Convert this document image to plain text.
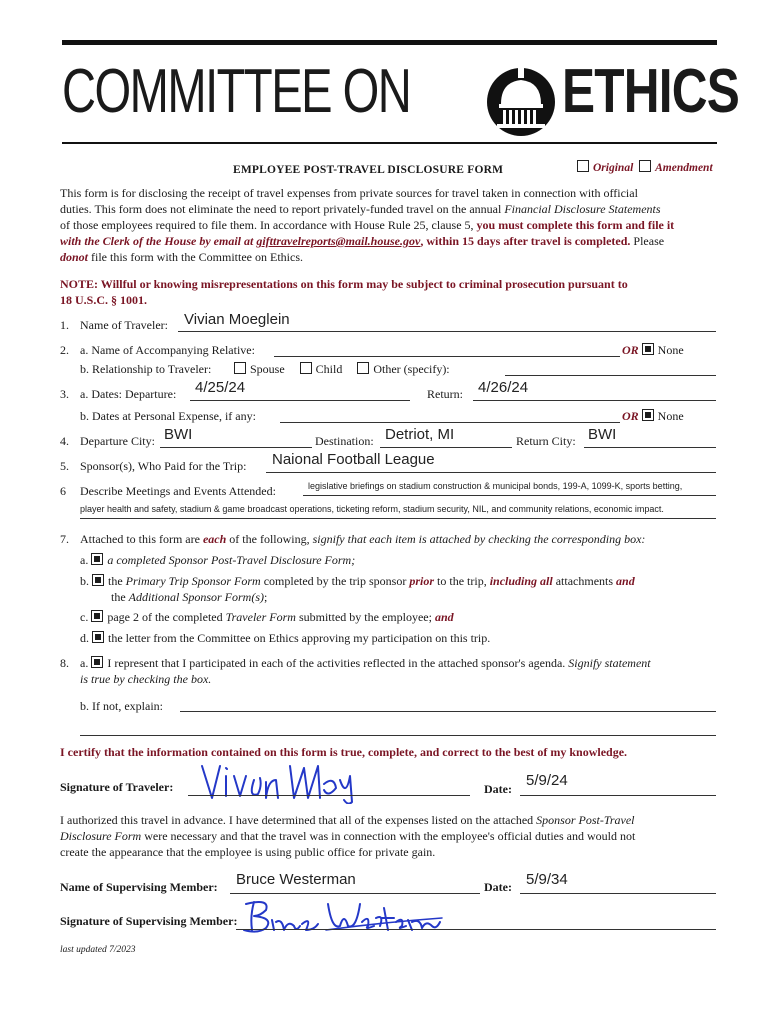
COMMITTEE ON ETHICS
EMPLOYEE POST-TRAVEL DISCLOSURE FORM	Original Amendment
This form is for disclosing the receipt of travel expenses from private sources for travel taken in connection with official
duties. This form does not eliminate the need to report privately-funded travel on the annual Financial Disclosure Statements
of those employees required to file them. In accordance with House Rule 25, clause 5, you must complete this form and file it
with the Clerk of the House by email at gifttravelreports@mail.house.gov, within 15 days after travel is completed. Please
donot file this form with the Committee on Ethics.
NOTE: Willful or knowing misrepresentations on this form may be subject to criminal prosecution pursuant to
18 U.S.C. § 1001.
1. Name of Traveler: Vivian Moeglein
2. a. Name of Accompanying Relative:	OR None
b. Relationship to Traveler:	Spouse	Child	Other (specify):
3. a. Dates: Departure: 4/25/24	Return: 4/26/24
b. Dates at Personal Expense, if any:	OR None
4. Departure City: BWI	Destination: Detriot, MI	Return City: BWI
5. Sponsor(s), Who Paid for the Trip: Naional Football League
6 Describe Meetings and Events Attended:	legislative briefings on stadium construction & municipal bonds, 199-A, 1099-K, sports betting,
player health and safety, stadium & game broadcast operations, ticketing reform, stadium security, NIL, and community relations, economic impact.
7. Attached to this form are each of the following, signify that each item is attached by checking the corresponding box:
a. a completed Sponsor Post-Travel Disclosure Form;
b. the Primary Trip Sponsor Form completed by the trip sponsor prior to the trip, including all attachments and
the Additional Sponsor Form(s);
c. page 2 of the completed Traveler Form submitted by the employee; and
d. the letter from the Committee on Ethics approving my participation on this trip.
8. a. I represent that I participated in each of the activities reflected in the attached sponsor's agenda. Signify statement
is true by checking the box.
b. If not, explain:
I certify that the information contained on this form is true, complete, and correct to the best of my knowledge.
Signature of Traveler:	Date: 5/9/24
I authorized this travel in advance. I have determined that all of the expenses listed on the attached Sponsor Post-Travel
Disclosure Form were necessary and that the travel was in connection with the employee's official duties and would not
create the appearance that the employee is using public office for private gain.
Name of Supervising Member: Bruce Westerman	Date: 5/9/34
Signature of Supervising Member:
last updated 7/2023
